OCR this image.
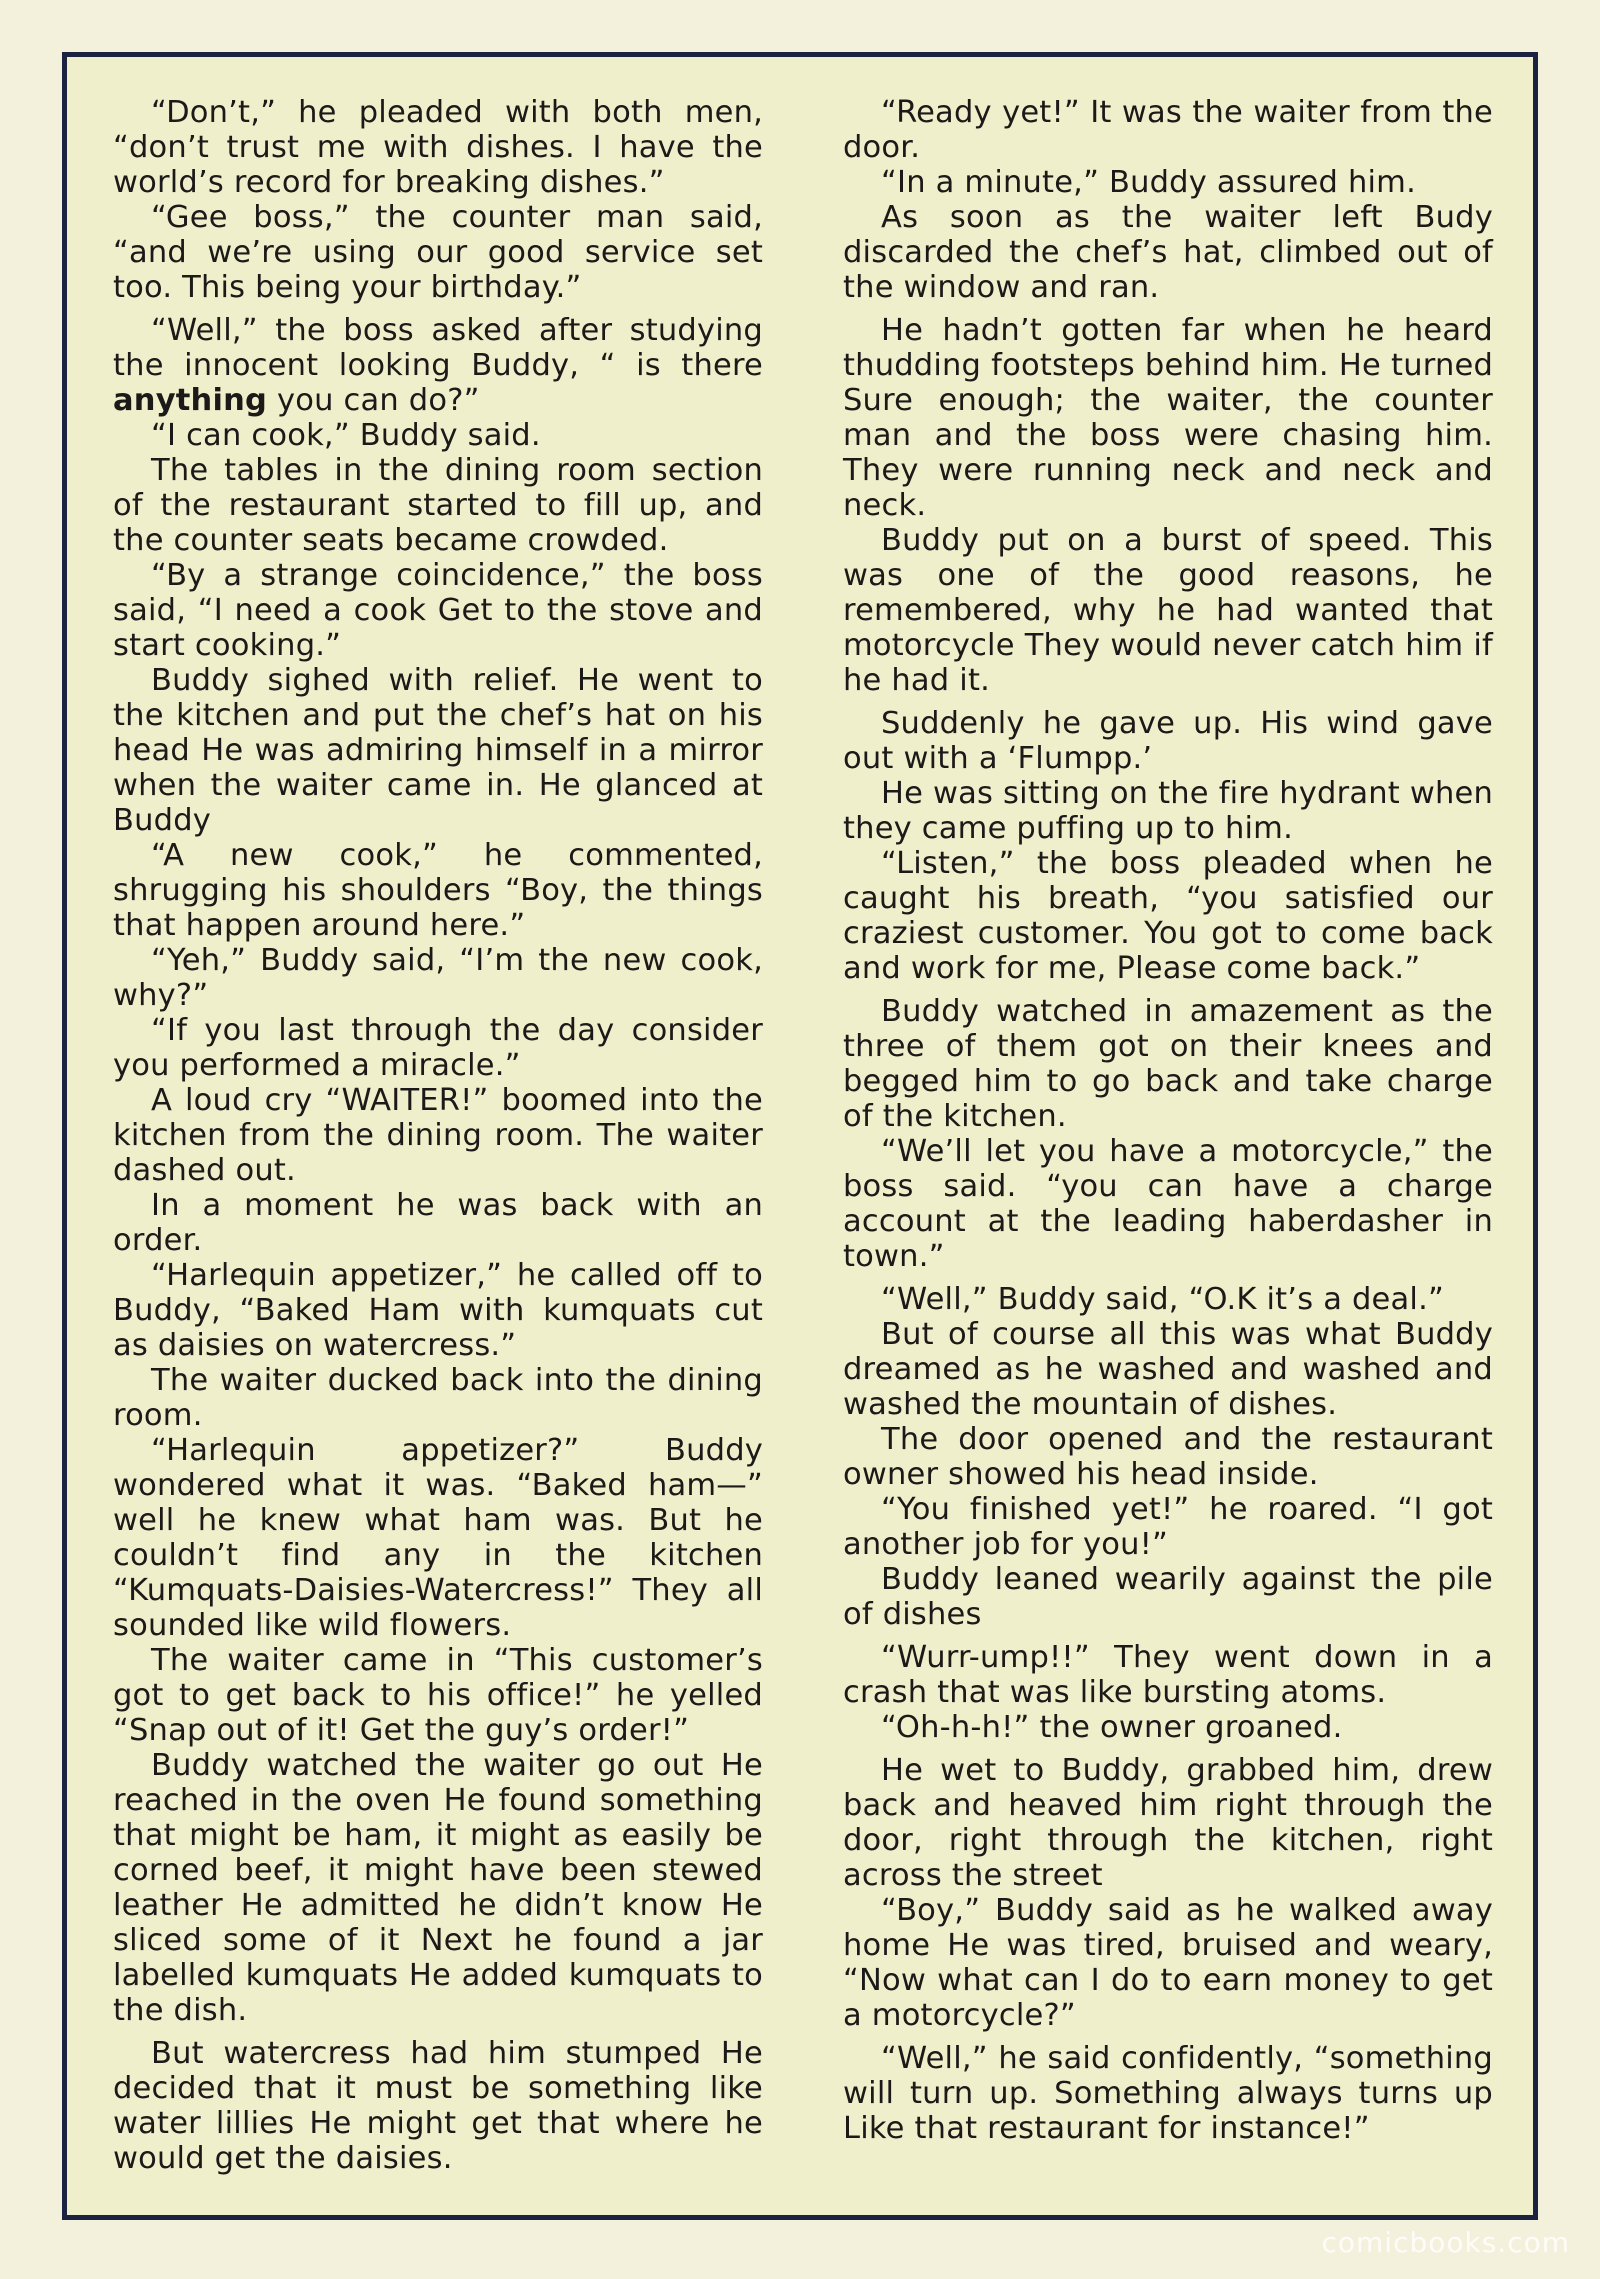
“Don’t,” he pleaded with both men, “don’t trust me with dishes. I have the world’s record for breaking dishes.”

“Gee boss,” the counter man said, “and we’re using our good service set too. This being your birthday.”

“Well,” the boss asked after studying the innocent looking Buddy, “ is there anything you can do?”

“I can cook,” Buddy said.

The tables in the dining room section of the restaurant started to fill up, and the counter seats became crowded.

“By a strange coincidence,” the boss said, “I need a cook Get to the stove and start cooking.”

Buddy sighed with relief. He went to the kitchen and put the chef’s hat on his head He was admiring himself in a mirror when the waiter came in. He glanced at Buddy

“A new cook,” he commented, shrugging his shoulders “Boy, the things that happen around here.”

“Yeh,” Buddy said, “I’m the new cook, why?”

“If you last through the day consider you performed a miracle.”

A loud cry “WAITER!” boomed into the kitchen from the dining room. The waiter dashed out.

In a moment he was back with an order.

“Harlequin appetizer,” he called off to Buddy, “Baked Ham with kumquats cut as daisies on watercress.”

The waiter ducked back into the dining room.

“Harlequin appetizer?” Buddy wondered what it was. “Baked ham—” well he knew what ham was. But he couldn’t find any in the kitchen “Kumquats-Daisies-Watercress!” They all sounded like wild flowers.

The waiter came in “This customer’s got to get back to his office!” he yelled “Snap out of it! Get the guy’s order!”

Buddy watched the waiter go out He reached in the oven He found something that might be ham, it might as easily be corned beef, it might have been stewed leather He admitted he didn’t know He sliced some of it Next he found a jar labelled kumquats He added kumquats to the dish.

But watercress had him stumped He decided that it must be something like water lillies He might get that where he would get the daisies.

“Ready yet!” It was the waiter from the door.

“In a minute,” Buddy assured him.

As soon as the waiter left Budy discarded the chef’s hat, climbed out of the window and ran.

He hadn’t gotten far when he heard thudding footsteps behind him. He turned Sure enough; the waiter, the counter man and the boss were chasing him. They were running neck and neck and neck.

Buddy put on a burst of speed. This was one of the good reasons, he remembered, why he had wanted that motorcycle They would never catch him if he had it.

Suddenly he gave up. His wind gave out with a ‘Flumpp.’

He was sitting on the fire hydrant when they came puffing up to him.

“Listen,” the boss pleaded when he caught his breath, “you satisfied our craziest customer. You got to come back and work for me, Please come back.”

Buddy watched in amazement as the three of them got on their knees and begged him to go back and take charge of the kitchen.

“We’ll let you have a motorcycle,” the boss said. “you can have a charge account at the leading haberdasher in town.”

“Well,” Buddy said, “O.K it’s a deal.”

But of course all this was what Buddy dreamed as he washed and washed and washed the mountain of dishes.

The door opened and the restaurant owner showed his head inside.

“You finished yet!” he roared. “I got another job for you!”

Buddy leaned wearily against the pile of dishes

“Wurr-ump!!” They went down in a crash that was like bursting atoms.

“Oh-h-h!” the owner groaned.

He wet to Buddy, grabbed him, drew back and heaved him right through the door, right through the kitchen, right across the street

“Boy,” Buddy said as he walked away home He was tired, bruised and weary, “Now what can I do to earn money to get a motorcycle?”

“Well,” he said confidently, “something will turn up. Something always turns up Like that restaurant for instance!”

comicbooks.com
